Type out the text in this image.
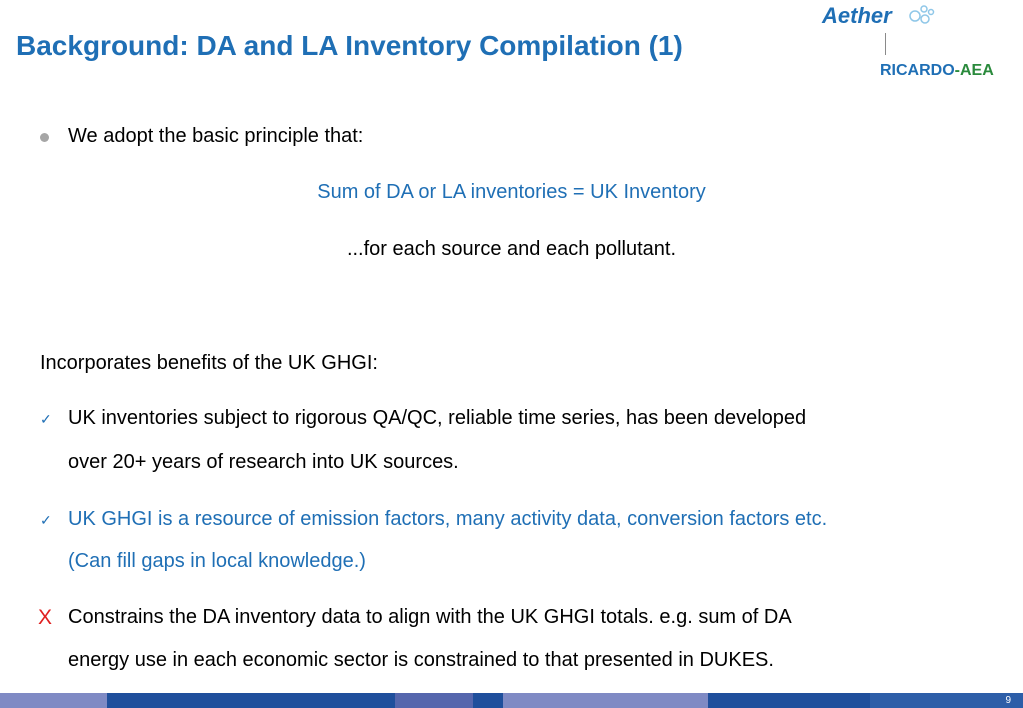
Background: DA and LA Inventory Compilation (1)
Aether
RICARDO-AEA
We adopt the basic principle that:
Sum of DA or LA inventories = UK Inventory
...for each source and each pollutant.
Incorporates benefits of the UK GHGI:
✓ UK inventories subject to rigorous QA/QC, reliable time series, has been developed
over 20+ years of research into UK sources.
✓ UK GHGI is a resource of emission factors, many activity data, conversion factors etc.
(Can fill gaps in local knowledge.)
X Constrains the DA inventory data to align with the UK GHGI totals. e.g. sum of DA
energy use in each economic sector is constrained to that presented in DUKES.
9
